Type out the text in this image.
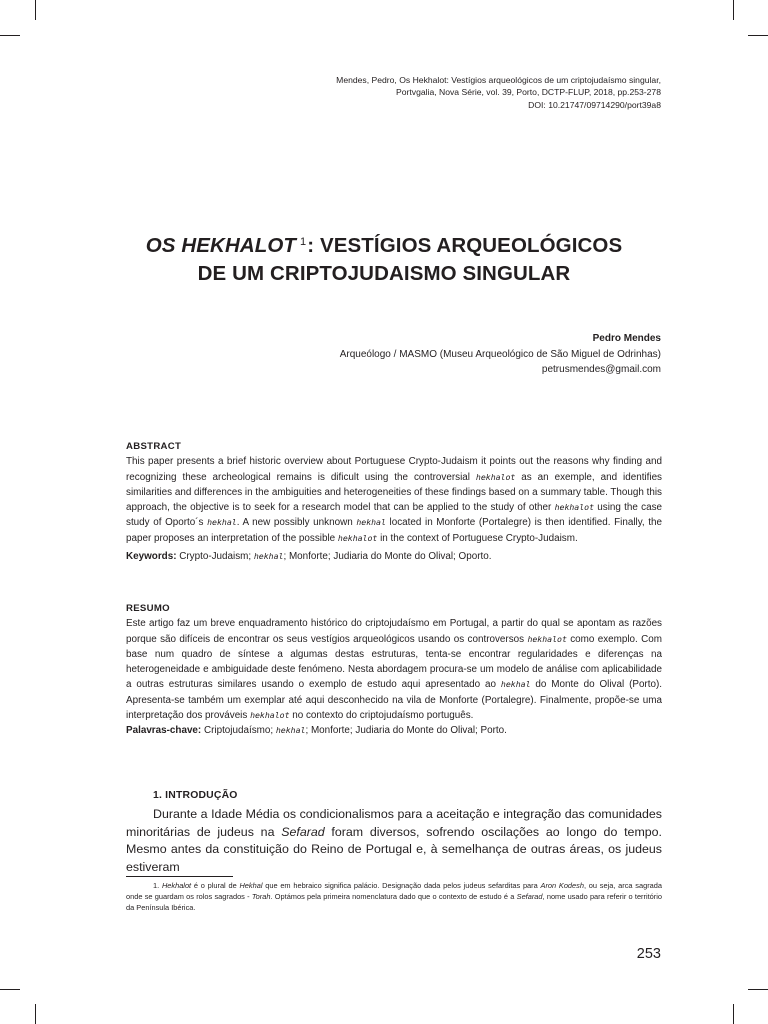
Mendes, Pedro, Os Hekhalot: Vestígios arqueológicos de um criptojudaísmo singular,
Portvgalia, Nova Série, vol. 39, Porto, DCTP-FLUP, 2018, pp.253-278
DOI: 10.21747/09714290/port39a8
OS HEKHALOT $^1$: VESTÍGIOS ARQUEOLÓGICOS
DE UM CRIPTOJUDAISMO SINGULAR
Pedro Mendes
Arqueólogo / MASMO (Museu Arqueológico de São Miguel de Odrinhas)
petrusmendes@gmail.com
ABSTRACT
This paper presents a brief historic overview about Portuguese Crypto-Judaism it points out the reasons why finding and recognizing these archeological remains is dificult using the controversial hekhalot as an exemple, and identifies similarities and differences in the ambiguities and heterogeneities of these findings based on a summary table. Though this approach, the objective is to seek for a research model that can be applied to the study of other hekhalot using the case study of Oporto´s hekhal. A new possibly unknown hekhal located in Monforte (Portalegre) is then identified. Finally, the paper proposes an interpretation of the possible hekhalot in the context of Portuguese Crypto-Judaism.
Keywords: Crypto-Judaism; hekhal; Monforte; Judiaria do Monte do Olival; Oporto.
RESUMO
Este artigo faz um breve enquadramento histórico do criptojudaísmo em Portugal, a partir do qual se apontam as razões porque são difíceis de encontrar os seus vestígios arqueológicos usando os controversos hekhalot como exemplo. Com base num quadro de síntese a algumas destas estruturas, tenta-se encontrar regularidades e diferenças na heterogeneidade e ambiguidade deste fenómeno. Nesta abordagem procura-se um modelo de análise com aplicabilidade a outras estruturas similares usando o exemplo de estudo aqui apresentado ao hekhal do Monte do Olival (Porto). Apresenta-se também um exemplar até aqui desconhecido na vila de Monforte (Portalegre). Finalmente, propõe-se uma interpretação dos prováveis hekhalot no contexto do criptojudaísmo português.
Palavras-chave: Criptojudaísmo; hekhal; Monforte; Judiaria do Monte do Olival; Porto.
1. INTRODUÇÃO

Durante a Idade Média os condicionalismos para a aceitação e integração das comunidades minoritárias de judeus na Sefarad foram diversos, sofrendo oscilações ao longo do tempo. Mesmo antes da constituição do Reino de Portugal e, à semelhança de outras áreas, os judeus estiveram

1. Hekhalot é o plural de Hekhal que em hebraico significa palácio. Designação dada pelos judeus sefarditas para Aron Kodesh, ou seja, arca sagrada onde se guardam os rolos sagrados - Torah. Optámos pela primeira nomenclatura dado que o contexto de estudo é a Sefarad, nome usado para referir o território da Península Ibérica.
253
